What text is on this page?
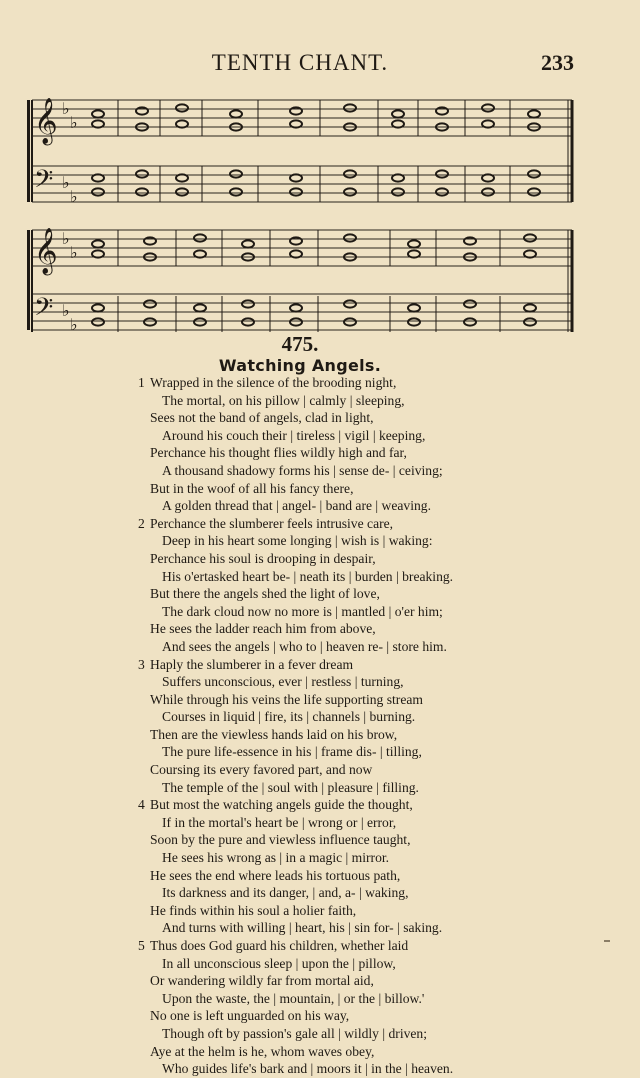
TENTH CHANT.	233
𝄞 ♭
♭
𝄢 ♭
♭
𝄞 ♭
♭
𝄢 ♭
♭
475.
Watching Angels.
1 Wrapped in the silence of the brooding night,
The mortal, on his pillow | calmly | sleeping,
Sees not the band of angels, clad in light,
Around his couch their | tireless | vigil | keeping,
Perchance his thought flies wildly high and far,
A thousand shadowy forms his | sense de- | ceiving;
But in the woof of all his fancy there,
A golden thread that | angel- | band are | weaving.
2 Perchance the slumberer feels intrusive care,
Deep in his heart some longing | wish is | waking:
Perchance his soul is drooping in despair,
His o'ertasked heart be- | neath its | burden | breaking.
But there the angels shed the light of love,
The dark cloud now no more is | mantled | o'er him;
He sees the ladder reach him from above,
And sees the angels | who to | heaven re- | store him.
3 Haply the slumberer in a fever dream
Suffers unconscious, ever | restless | turning,
While through his veins the life supporting stream
Courses in liquid | fire, its | channels | burning.
Then are the viewless hands laid on his brow,
The pure life-essence in his | frame dis- | tilling,
Coursing its every favored part, and now
The temple of the | soul with | pleasure | filling.
4 But most the watching angels guide the thought,
If in the mortal's heart be | wrong or | error,
Soon by the pure and viewless influence taught,
He sees his wrong as | in a magic | mirror.
He sees the end where leads his tortuous path,
Its darkness and its danger, | and, a- | waking,
He finds within his soul a holier faith,
And turns with willing | heart, his | sin for- | saking.
5 Thus does God guard his children, whether laid
In all unconscious sleep | upon the | pillow,
Or wandering wildly far from mortal aid,
Upon the waste, the | mountain, | or the | billow.'
No one is left unguarded on his way,
Though oft by passion's gale all | wildly | driven;
Aye at the helm is he, whom waves obey,
Who guides life's bark and | moors it | in the | heaven.
